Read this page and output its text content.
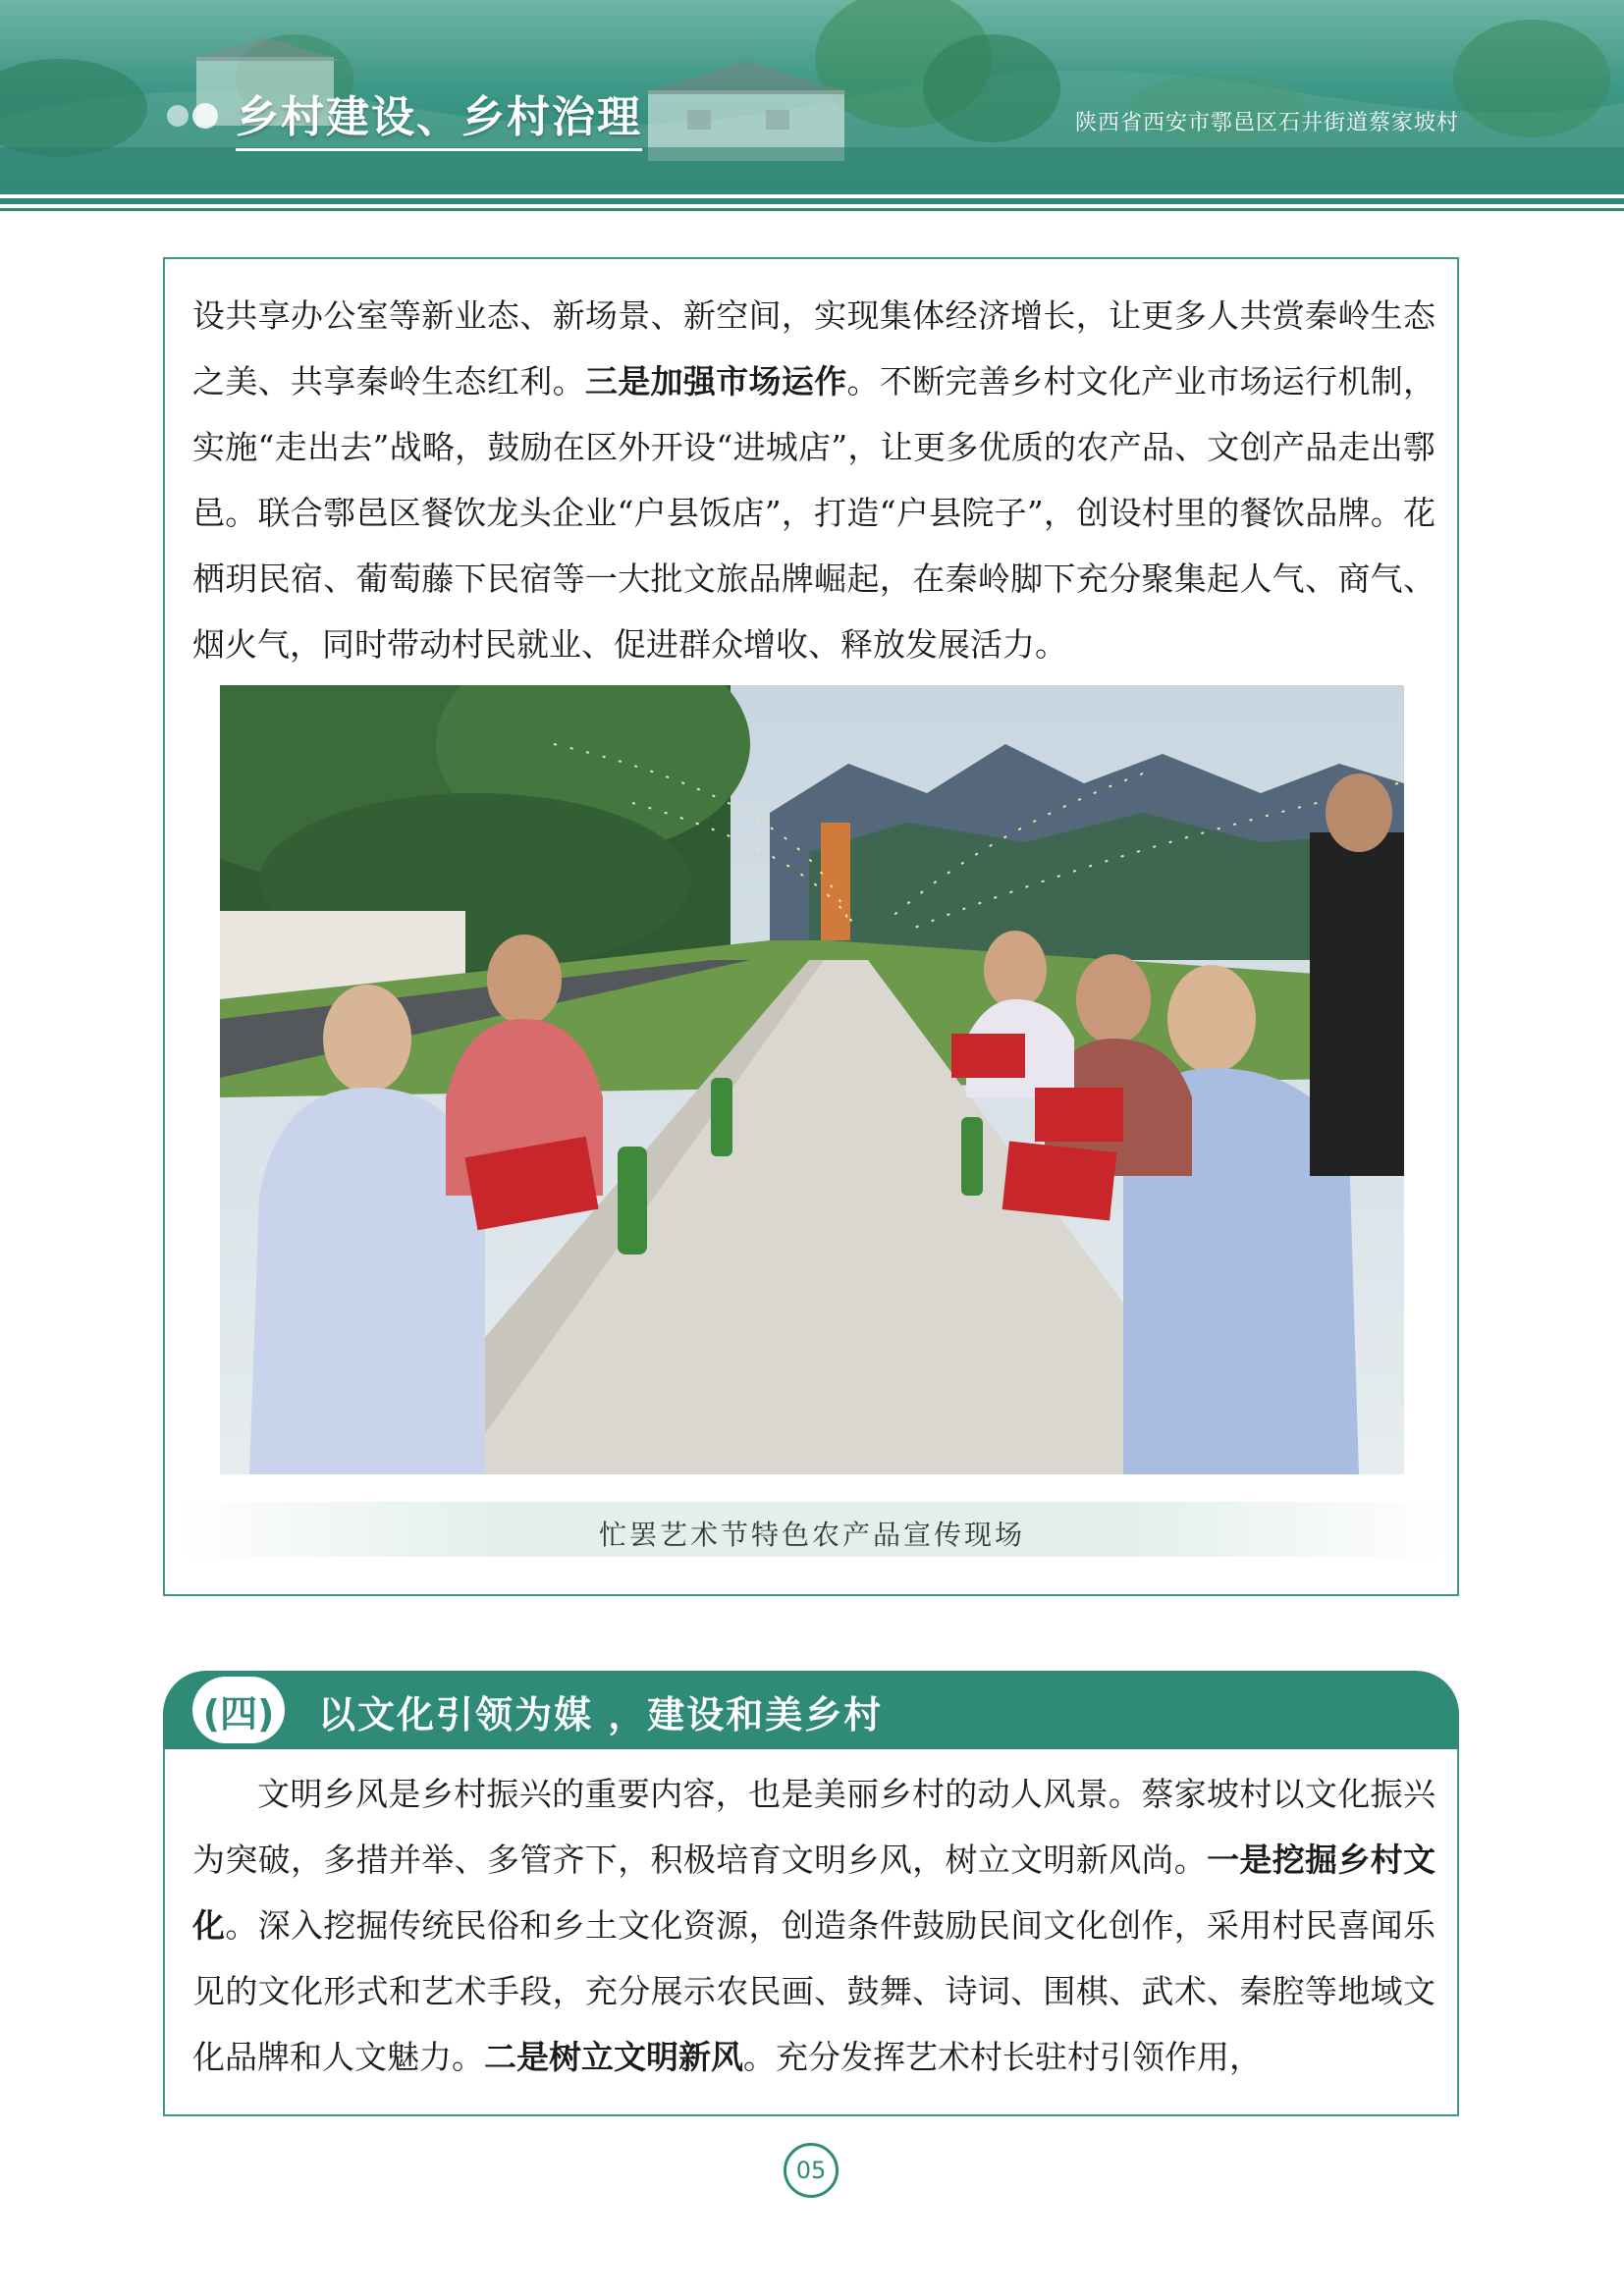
乡村建设、乡村治理	陕西省西安市鄠邑区石井街道蔡家坡村

设共享办公室等新业态、新场景、新空间，实现集体经济增长，让更多人共赏秦岭生态之美、共享秦岭生态红利。三是加强市场运作。不断完善乡村文化产业市场运行机制，实施“走出去”战略，鼓励在区外开设“进城店”，让更多优质的农产品、文创产品走出鄠邑。联合鄠邑区餐饮龙头企业“户县饭店”，打造“户县院子”，创设村里的餐饮品牌。花栖玥民宿、葡萄藤下民宿等一大批文旅品牌崛起，在秦岭脚下充分聚集起人气、商气、烟火气，同时带动村民就业、促进群众增收、释放发展活力。

忙罢艺术节特色农产品宣传现场
(四) 以文化引领为媒 ，建设和美乡村

文明乡风是乡村振兴的重要内容，也是美丽乡村的动人风景。蔡家坡村以文化振兴为突破，多措并举、多管齐下，积极培育文明乡风，树立文明新风尚。一是挖掘乡村文化。深入挖掘传统民俗和乡土文化资源，创造条件鼓励民间文化创作，采用村民喜闻乐见的文化形式和艺术手段，充分展示农民画、鼓舞、诗词、围棋、武术、秦腔等地域文化品牌和人文魅力。二是树立文明新风。充分发挥艺术村长驻村引领作用，

05
